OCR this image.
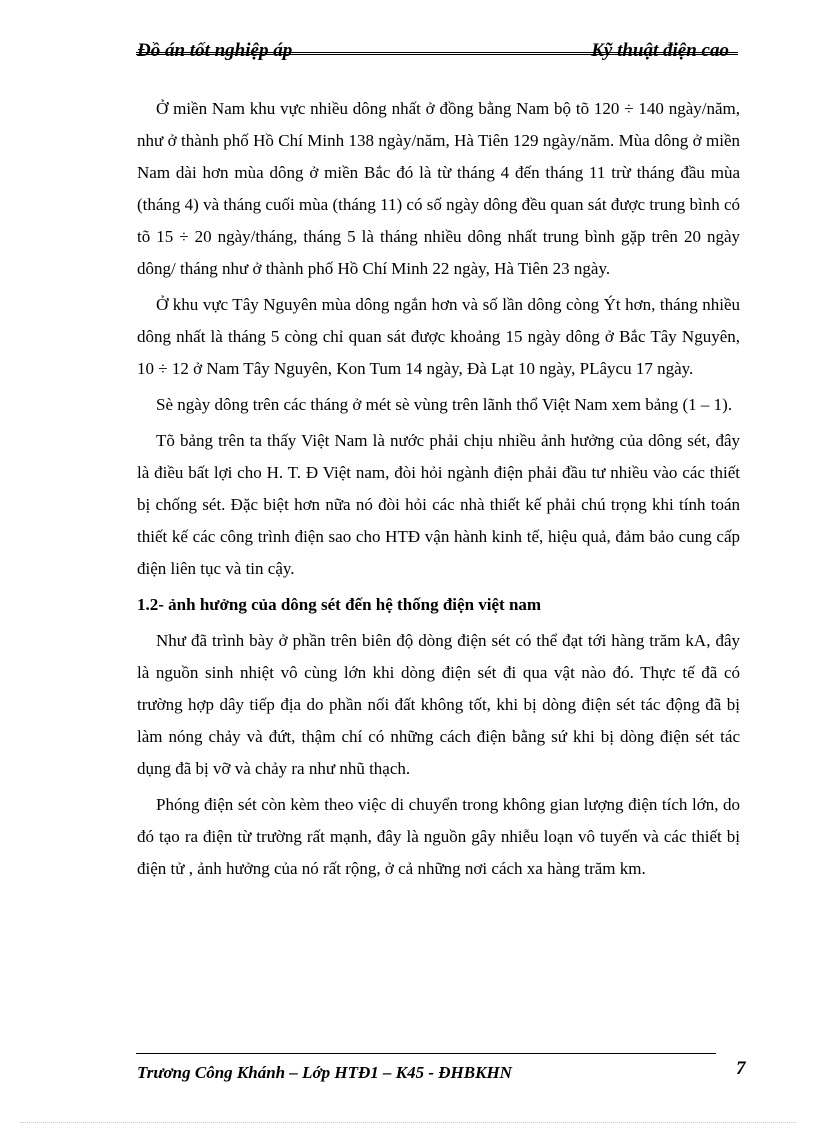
Đồ án tốt nghiệp áp	Kỹ thuật điện cao

Ở miền Nam khu vực nhiều dông nhất ở đồng bằng Nam bộ tõ 120 ÷ 140 ngày/năm, như ở thành phố Hồ Chí Minh 138 ngày/năm, Hà Tiên 129 ngày/năm. Mùa dông ở miền Nam dài hơn mùa dông ở miền Bắc đó là từ tháng 4 đến tháng 11 trừ tháng đầu mùa (tháng 4) và tháng cuối mùa (tháng 11) có số ngày dông đều quan sát được trung bình có tõ 15 ÷ 20 ngày/tháng, tháng 5 là tháng nhiều dông nhất trung bình gặp trên 20 ngày dông/ tháng như ở thành phố Hồ Chí Minh 22 ngày, Hà Tiên 23 ngày.

Ở khu vực Tây Nguyên mùa dông ngắn hơn và số lần dông còng Ýt hơn, tháng nhiều dông nhất là tháng 5 còng chỉ quan sát được khoảng 15 ngày dông ở Bắc Tây Nguyên, 10 ÷ 12 ở Nam Tây Nguyên, Kon Tum 14 ngày, Đà Lạt 10 ngày, PLâycu 17 ngày.

Sè ngày dông trên các tháng ở mét sè vùng trên lãnh thổ Việt Nam xem bảng (1 – 1).

Tõ bảng trên ta thấy Việt Nam là nước phải chịu nhiều ảnh hưởng của dông sét, đây là điều bất lợi cho H. T. Đ Việt nam, đòi hỏi ngành điện phải đầu tư nhiều vào các thiết bị chống sét. Đặc biệt hơn nữa nó đòi hỏi các nhà thiết kế phải chú trọng khi tính toán thiết kế các công trình điện sao cho HTĐ vận hành kinh tế, hiệu quả, đảm bảo cung cấp điện liên tục và tin cậy.

1.2- ảnh hưởng của dông sét đến hệ thống điện việt nam

Như đã trình bày ở phần trên biên độ dòng điện sét có thể đạt tới hàng trăm kA, đây là nguồn sinh nhiệt vô cùng lớn khi dòng điện sét đi qua vật nào đó. Thực tế đã có trường hợp dây tiếp địa do phần nối đất không tốt, khi bị dòng điện sét tác động đã bị làm nóng chảy và đứt, thậm chí có những cách điện bằng sứ khi bị dòng điện sét tác dụng đã bị vỡ và chảy ra như nhũ thạch.

Phóng điện sét còn kèm theo việc di chuyển trong không gian lượng điện tích lớn, do đó tạo ra điện từ trường rất mạnh, đây là nguồn gây nhiễu loạn vô tuyến và các thiết bị điện tử , ảnh hưởng của nó rất rộng, ở cả những nơi cách xa hàng trăm km.

Trương Công Khánh – Lớp HTĐ1 – K45 - ĐHBKHN	7
